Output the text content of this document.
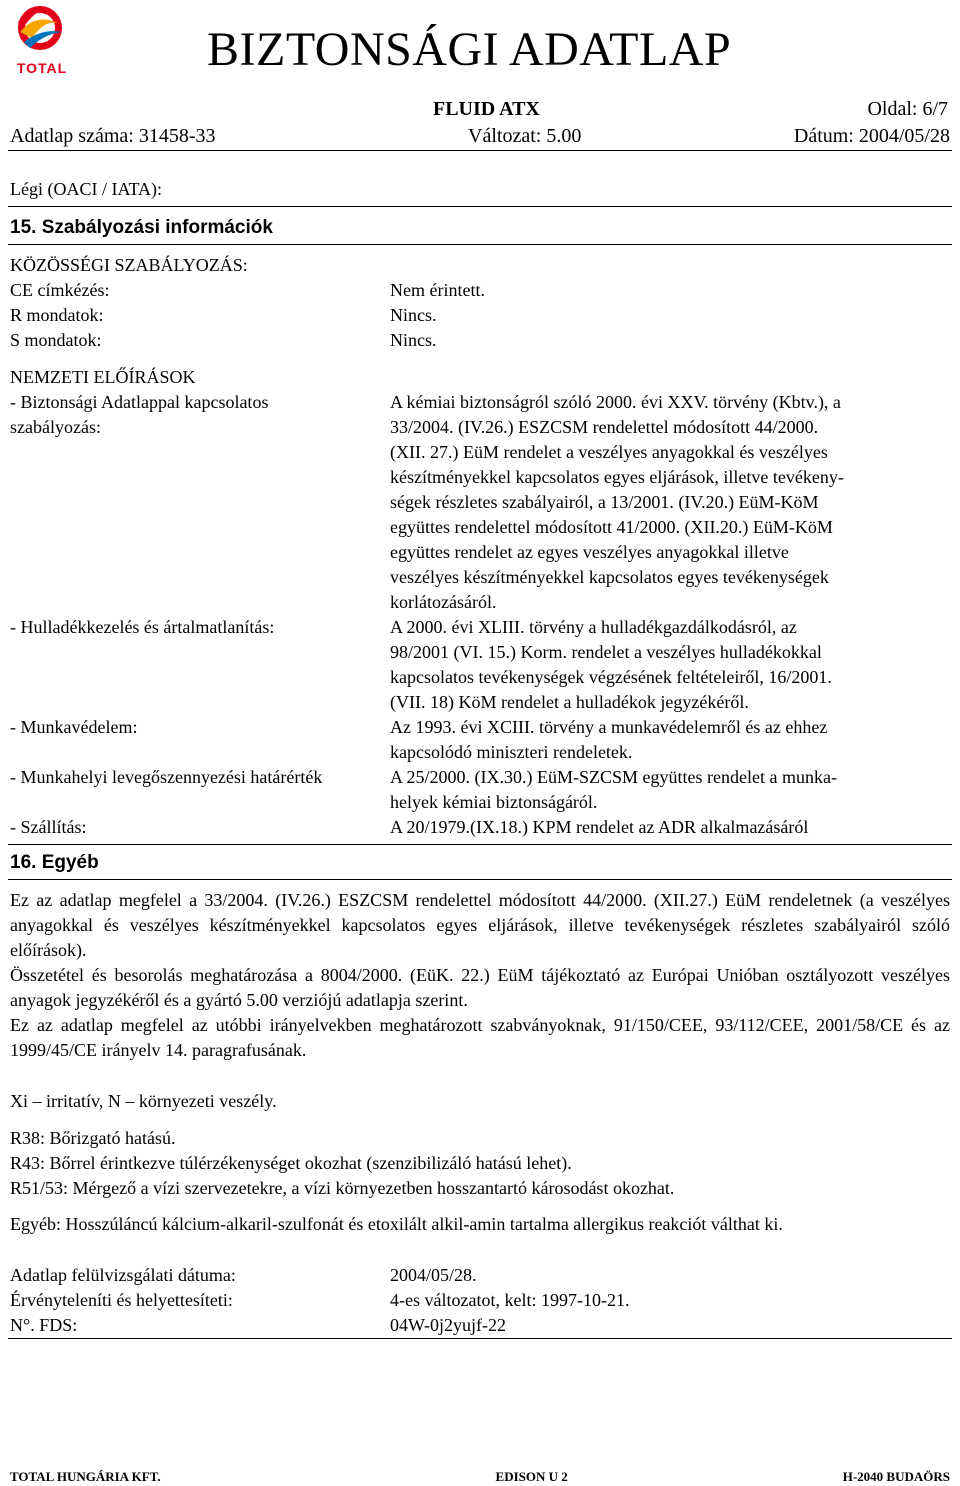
TOTAL	BIZTONSÁGI ADATLAP
FLUID ATX	Oldal: 6/7
Adatlap száma: 31458-33	Változat: 5.00	Dátum: 2004/05/28
Légi (OACI / IATA):
15. Szabályozási információk
KÖZÖSSÉGI SZABÁLYOZÁS:
CE címkézés:	Nem érintett.
R mondatok:	Nincs.
S mondatok:	Nincs.
NEMZETI ELŐÍRÁSOK
- Biztonsági Adatlappal kapcsolatos
szabályozás:
A kémiai biztonságról szóló 2000. évi XXV. törvény (Kbtv.), a
33/2004. (IV.26.) ESZCSM rendelettel módosított 44/2000.
(XII. 27.) EüM rendelet a veszélyes anyagokkal és veszélyes
készítményekkel kapcsolatos egyes eljárások, illetve tevékeny-
ségek részletes szabályairól, a 13/2001. (IV.20.) EüM-KöM
együttes rendelettel módosított 41/2000. (XII.20.) EüM-KöM
együttes rendelet az egyes veszélyes anyagokkal illetve
veszélyes készítményekkel kapcsolatos egyes tevékenységek
korlátozásáról.
- Hulladékkezelés és ártalmatlanítás:	A 2000. évi XLIII. törvény a hulladékgazdálkodásról, az
98/2001 (VI. 15.) Korm. rendelet a veszélyes hulladékokkal
kapcsolatos tevékenységek végzésének feltételeiről, 16/2001.
(VII. 18) KöM rendelet a hulladékok jegyzékéről.
- Munkavédelem:	Az 1993. évi XCIII. törvény a munkavédelemről és az ehhez
kapcsolódó miniszteri rendeletek.
- Munkahelyi levegőszennyezési határérték	A 25/2000. (IX.30.) EüM-SZCSM együttes rendelet a munka-
helyek kémiai biztonságáról.
- Szállítás:	A 20/1979.(IX.18.) KPM rendelet az ADR alkalmazásáról
16. Egyéb
Ez az adatlap megfelel a 33/2004. (IV.26.) ESZCSM rendelettel módosított 44/2000. (XII.27.) EüM rendeletnek (a veszélyes anyagokkal és veszélyes készítményekkel kapcsolatos egyes eljárások, illetve tevékenységek részletes szabályairól szóló előírások).
Összetétel és besorolás meghatározása a 8004/2000. (EüK. 22.) EüM tájékoztató az Európai Unióban osztályozott veszélyes anyagok jegyzékéről és a gyártó 5.00 verziójú adatlapja szerint.
Ez az adatlap megfelel az utóbbi irányelvekben meghatározott szabványoknak, 91/150/CEE, 93/112/CEE, 2001/58/CE és az 1999/45/CE irányelv 14. paragrafusának.
Xi – irritatív, N – környezeti veszély.
R38: Bőrizgató hatású.
R43: Bőrrel érintkezve túlérzékenységet okozhat (szenzibilizáló hatású lehet).
R51/53: Mérgező a vízi szervezetekre, a vízi környezetben hosszantartó károsodást okozhat.
Egyéb: Hosszúláncú kálcium-alkaril-szulfonát és etoxilált alkil-amin tartalma allergikus reakciót válthat ki.
Adatlap felülvizsgálati dátuma:	2004/05/28.
Érvényteleníti és helyettesíteti:	4-es változatot, kelt: 1997-10-21.
N°. FDS:	04W-0j2yujf-22
TOTAL HUNGÁRIA KFT.	EDISON U 2	H-2040 BUDAÖRS
